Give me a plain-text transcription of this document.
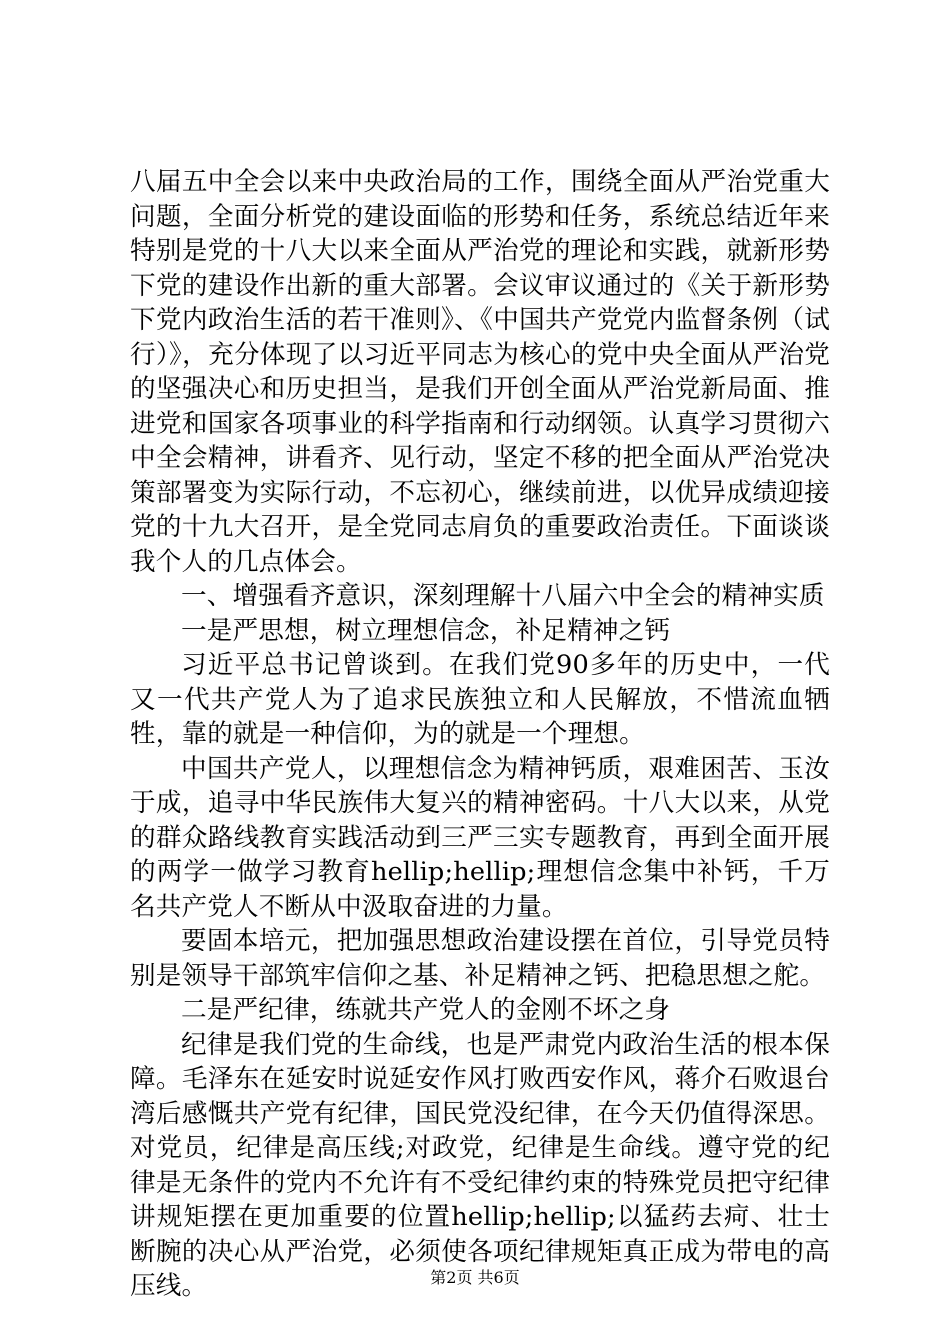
八届五中全会以来中央政治局的工作，围绕全面从严治党重大问题，全面分析党的建设面临的形势和任务，系统总结近年来特别是党的十八大以来全面从严治党的理论和实践，就新形势下党的建设作出新的重大部署。会议审议通过的《关于新形势下党内政治生活的若干准则》、《中国共产党党内监督条例（试行）》，充分体现了以习近平同志为核心的党中央全面从严治党的坚强决心和历史担当，是我们开创全面从严治党新局面、推进党和国家各项事业的科学指南和行动纲领。认真学习贯彻六中全会精神，讲看齐、见行动，坚定不移的把全面从严治党决策部署变为实际行动，不忘初心，继续前进，以优异成绩迎接党的十九大召开，是全党同志肩负的重要政治责任。下面谈谈我个人的几点体会。

一、增强看齐意识，深刻理解十八届六中全会的精神实质

一是严思想，树立理想信念，补足精神之钙

习近平总书记曾谈到。在我们党90多年的历史中，一代又一代共产党人为了追求民族独立和人民解放，不惜流血牺牲，靠的就是一种信仰，为的就是一个理想。

中国共产党人，以理想信念为精神钙质，艰难困苦、玉汝于成，追寻中华民族伟大复兴的精神密码。十八大以来，从党的群众路线教育实践活动到三严三实专题教育，再到全面开展的两学一做学习教育hellip;hellip;理想信念集中补钙，千万名共产党人不断从中汲取奋进的力量。

要固本培元，把加强思想政治建设摆在首位，引导党员特别是领导干部筑牢信仰之基、补足精神之钙、把稳思想之舵。

二是严纪律，练就共产党人的金刚不坏之身

纪律是我们党的生命线，也是严肃党内政治生活的根本保障。毛泽东在延安时说延安作风打败西安作风，蒋介石败退台湾后感慨共产党有纪律，国民党没纪律，在今天仍值得深思。对党员，纪律是高压线;对政党，纪律是生命线。遵守党的纪律是无条件的党内不允许有不受纪律约束的特殊党员把守纪律讲规矩摆在更加重要的位置hellip;hellip;以猛药去疴、壮士断腕的决心从严治党，必须使各项纪律规矩真正成为带电的高压线。	第2页 共6页
